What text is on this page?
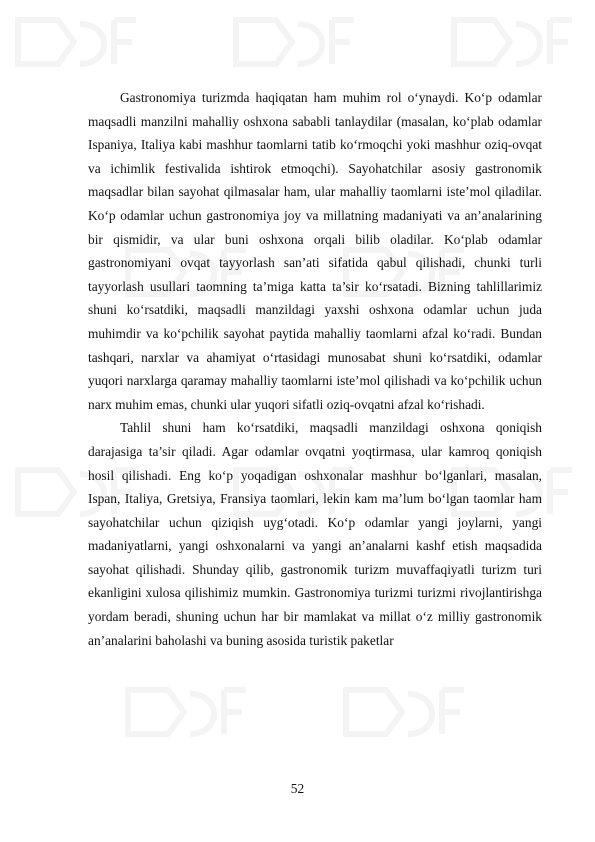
Gastronomiya turizmda haqiqatan ham muhim rol o‘ynaydi. Ko‘p odamlar maqsadli manzilni mahalliy oshxona sababli tanlaydilar (masalan, ko‘plab odamlar Ispaniya, Italiya kabi mashhur taomlarni tatib ko‘rmoqchi yoki mashhur oziq-ovqat va ichimlik festivalida ishtirok etmoqchi). Sayohatchilar asosiy gastronomik maqsadlar bilan sayohat qilmasalar ham, ular mahalliy taomlarni iste’mol qiladilar. Ko‘p odamlar uchun gastronomiya joy va millatning madaniyati va an’analarining bir qismidir, va ular buni oshxona orqali bilib oladilar. Ko‘plab odamlar gastronomiyani ovqat tayyorlash san’ati sifatida qabul qilishadi, chunki turli tayyorlash usullari taomning ta’miga katta ta’sir ko‘rsatadi. Bizning tahlillarimiz shuni ko‘rsatdiki, maqsadli manzildagi yaxshi oshxona odamlar uchun juda muhimdir va ko‘pchilik sayohat paytida mahalliy taomlarni afzal ko‘radi. Bundan tashqari, narxlar va ahamiyat o‘rtasidagi munosabat shuni ko‘rsatdiki, odamlar yuqori narxlarga qaramay mahalliy taomlarni iste’mol qilishadi va ko‘pchilik uchun narx muhim emas, chunki ular yuqori sifatli oziq-ovqatni afzal ko‘rishadi.

Tahlil shuni ham ko‘rsatdiki, maqsadli manzildagi oshxona qoniqish darajasiga ta’sir qiladi. Agar odamlar ovqatni yoqtirmasa, ular kamroq qoniqish hosil qilishadi. Eng ko‘p yoqadigan oshxonalar mashhur bo‘lganlari, masalan, Ispan, Italiya, Gretsiya, Fransiya taomlari, lekin kam ma’lum bo‘lgan taomlar ham sayohatchilar uchun qiziqish uyg‘otadi. Ko‘p odamlar yangi joylarni, yangi madaniyatlarni, yangi oshxonalarni va yangi an’analarni kashf etish maqsadida sayohat qilishadi. Shunday qilib, gastronomik turizm muvaffaqiyatli turizm turi ekanligini xulosa qilishimiz mumkin. Gastronomiya turizmi turizmi rivojlantirishga yordam beradi, shuning uchun har bir mamlakat va millat o‘z milliy gastronomik an’analarini baholashi va buning asosida turistik paketlar

52
